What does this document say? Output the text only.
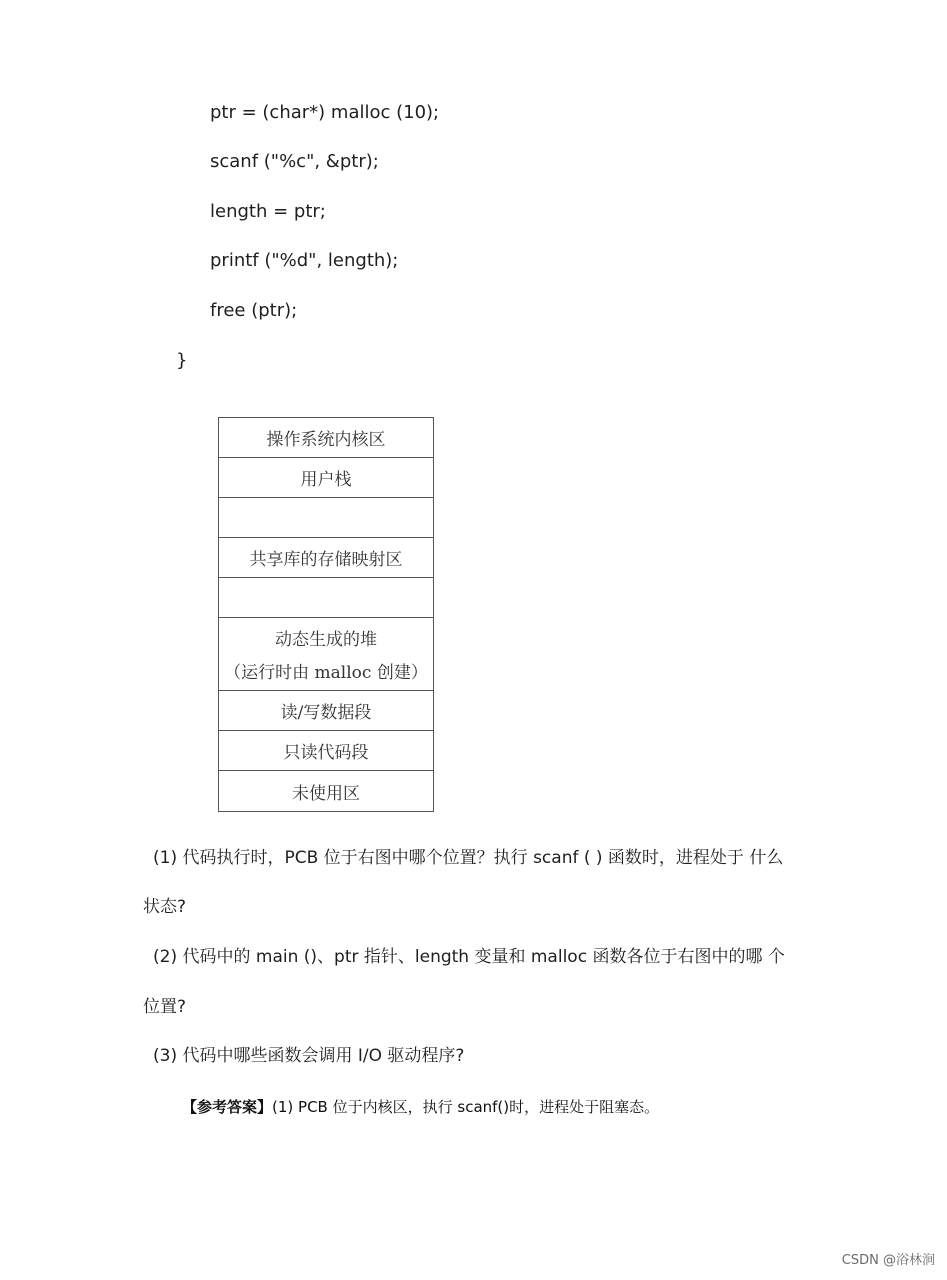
ptr = (char*) malloc (10);
scanf ("%c", &ptr);
length = ptr;
printf ("%d", length);
free (ptr);
}
操作系统内核区
用户栈
共享库的存储映射区
动态生成的堆
（运行时由 malloc 创建）
读/写数据段
只读代码段
未使用区
(1) 代码执行时，PCB 位于右图中哪个位置？执行 scanf ( ) 函数时，进程处于 什么
状态?
(2) 代码中的 main ()、ptr 指针、length 变量和 malloc 函数各位于右图中的哪 个
位置?
(3) 代码中哪些函数会调用 I/O 驱动程序?
【参考答案】(1) PCB 位于内核区，执行 scanf()时，进程处于阻塞态。
CSDN @浴林涧
